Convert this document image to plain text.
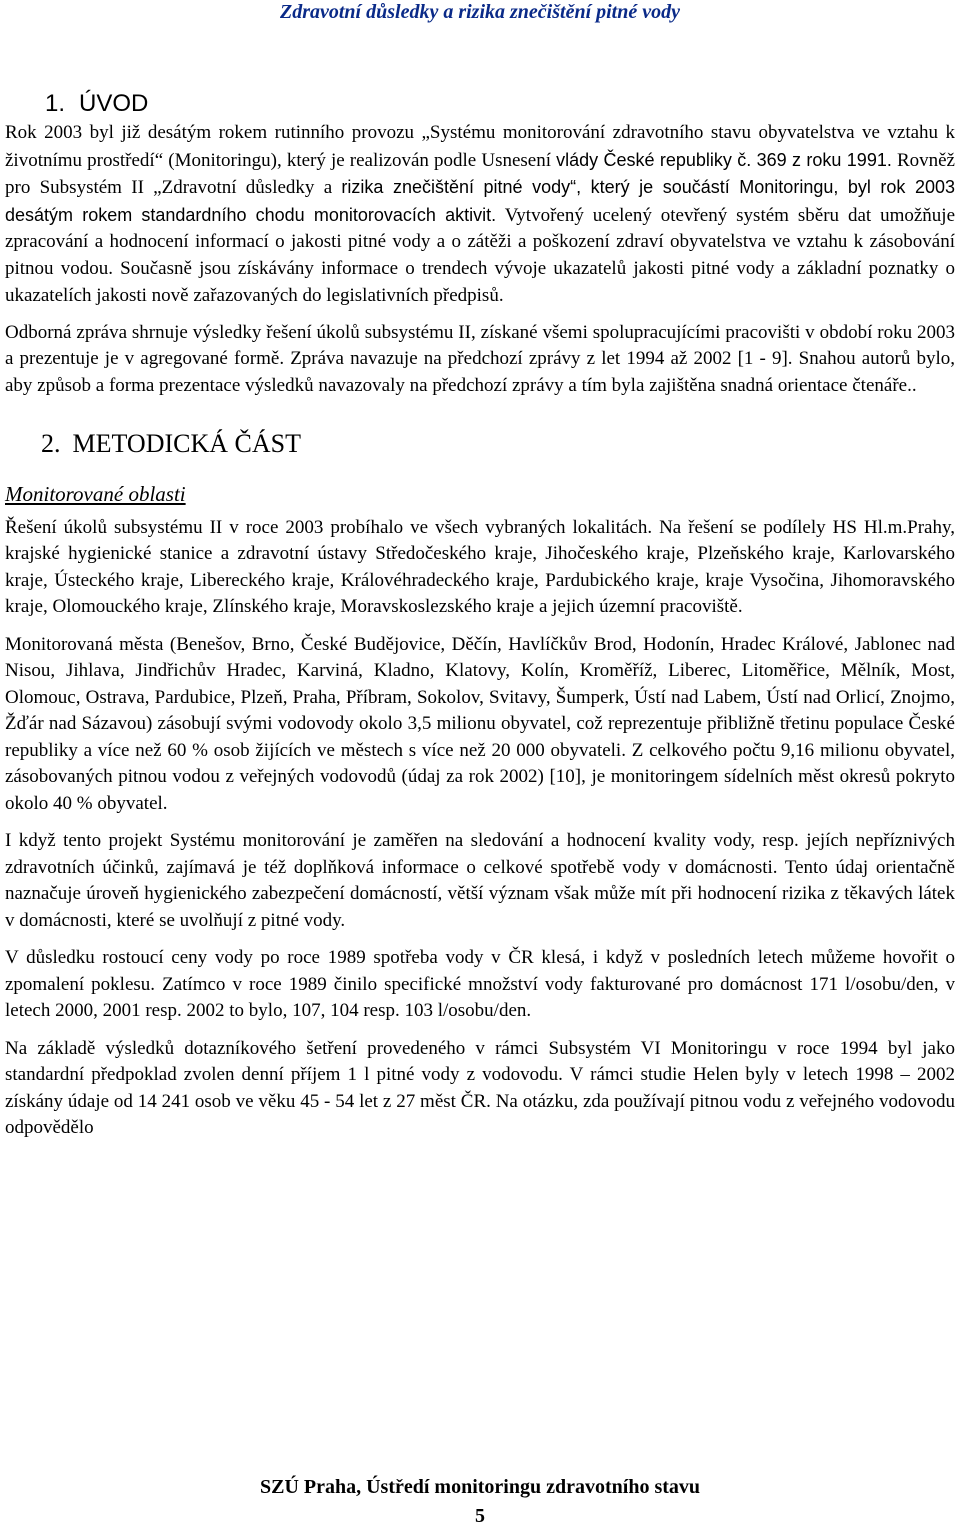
Zdravotní důsledky a rizika znečištění pitné vody
1. ÚVOD

Rok 2003 byl již desátým rokem rutinního provozu „Systému monitorování zdravotního stavu obyvatelstva ve vztahu k životnímu prostředí“ (Monitoringu), který je realizován podle Usnesení vlády České republiky č. 369 z roku 1991. Rovněž pro Subsystém II „Zdravotní důsledky a rizika znečištění pitné vody“, který je součástí Monitoringu, byl rok 2003 desátým rokem standardního chodu monitorovacích aktivit. Vytvořený ucelený otevřený systém sběru dat umožňuje zpracování a hodnocení informací o jakosti pitné vody a o zátěži a poškození zdraví obyvatelstva ve vztahu k zásobování pitnou vodou. Současně jsou získávány informace o trendech vývoje ukazatelů jakosti pitné vody a základní poznatky o ukazatelích jakosti nově zařazovaných do legislativních předpisů.

Odborná zpráva shrnuje výsledky řešení úkolů subsystému II, získané všemi spolupracujícími pracovišti v období roku 2003 a prezentuje je v agregované formě. Zpráva navazuje na předchozí zprávy z let 1994 až 2002 [1 - 9]. Snahou autorů bylo, aby způsob a forma prezentace výsledků navazovaly na předchozí zprávy a tím byla zajištěna snadná orientace čtenáře..

2. METODICKÁ ČÁST
Monitorované oblasti

Řešení úkolů subsystému II v roce 2003 probíhalo ve všech vybraných lokalitách. Na řešení se podílely HS Hl.m.Prahy, krajské hygienické stanice a zdravotní ústavy Středočeského kraje, Jihočeského kraje, Plzeňského kraje, Karlovarského kraje, Ústeckého kraje, Libereckého kraje, Královéhradeckého kraje, Pardubického kraje, kraje Vysočina, Jihomoravského kraje, Olomouckého kraje, Zlínského kraje, Moravskoslezského kraje a jejich územní pracoviště.

Monitorovaná města (Benešov, Brno, České Budějovice, Děčín, Havlíčkův Brod, Hodonín, Hradec Králové, Jablonec nad Nisou, Jihlava, Jindřichův Hradec, Karviná, Kladno, Klatovy, Kolín, Kroměříž, Liberec, Litoměřice, Mělník, Most, Olomouc, Ostrava, Pardubice, Plzeň, Praha, Příbram, Sokolov, Svitavy, Šumperk, Ústí nad Labem, Ústí nad Orlicí, Znojmo, Žďár nad Sázavou) zásobují svými vodovody okolo 3,5 milionu obyvatel, což reprezentuje přibližně třetinu populace České republiky a více než 60 % osob žijících ve městech s více než 20 000 obyvateli. Z celkového počtu 9,16 milionu obyvatel, zásobovaných pitnou vodou z veřejných vodovodů (údaj za rok 2002) [10], je monitoringem sídelních měst okresů pokryto okolo 40 % obyvatel.

I když tento projekt Systému monitorování je zaměřen na sledování a hodnocení kvality vody, resp. jejích nepříznivých zdravotních účinků, zajímavá je též doplňková informace o celkové spotřebě vody v domácnosti. Tento údaj orientačně naznačuje úroveň hygienického zabezpečení domácností, větší význam však může mít při hodnocení rizika z těkavých látek v domácnosti, které se uvolňují z pitné vody.

V důsledku rostoucí ceny vody po roce 1989 spotřeba vody v ČR klesá, i když v posledních letech můžeme hovořit o zpomalení poklesu. Zatímco v roce 1989 činilo specifické množství vody fakturované pro domácnost 171 l/osobu/den, v letech 2000, 2001 resp. 2002 to bylo, 107, 104 resp. 103 l/osobu/den.

Na základě výsledků dotazníkového šetření provedeného v rámci Subsystém VI Monitoringu v roce 1994 byl jako standardní předpoklad zvolen denní příjem 1 l pitné vody z vodovodu. V rámci studie Helen byly v letech 1998 – 2002 získány údaje od 14 241 osob ve věku 45 - 54 let z 27 měst ČR. Na otázku, zda používají pitnou vodu z veřejného vodovodu odpovědělo

SZÚ Praha, Ústředí monitoringu zdravotního stavu
5
